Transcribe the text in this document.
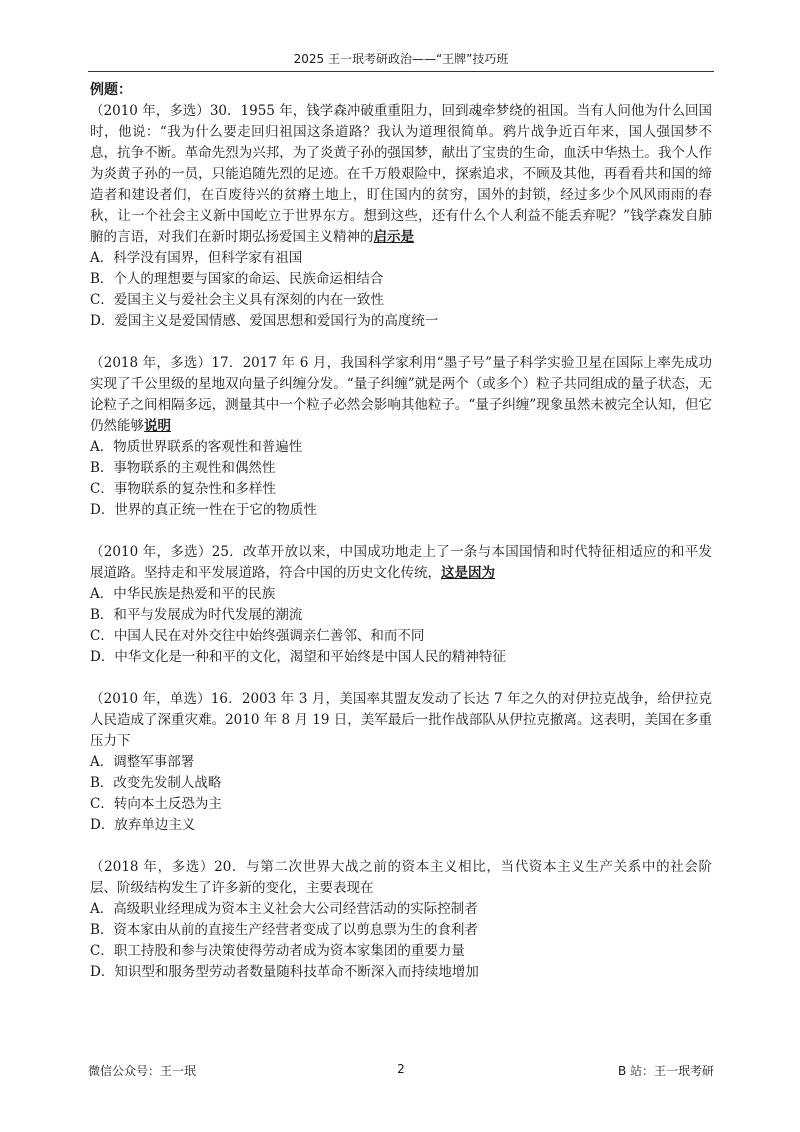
2025 王一珉考研政治——“王牌”技巧班
例题：
（2010 年，多选）30．1955 年，钱学森冲破重重阻力，回到魂牵梦绕的祖国。当有人问他为什么回国时，他说：“我为什么要走回归祖国这条道路？我认为道理很简单。鸦片战争近百年来，国人强国梦不息，抗争不断。革命先烈为兴邦，为了炎黄子孙的强国梦，献出了宝贵的生命，血沃中华热土。我个人作为炎黄子孙的一员，只能追随先烈的足迹。在千万般艰险中，探索追求，不顾及其他，再看看共和国的缔造者和建设者们，在百废待兴的贫瘠土地上，盯住国内的贫穷，国外的封锁，经过多少个风风雨雨的春秋，让一个社会主义新中国屹立于世界东方。想到这些，还有什么个人利益不能丢弃呢？”钱学森发自肺腑的言语，对我们在新时期弘扬爱国主义精神的启示是
A．科学没有国界，但科学家有祖国
B．个人的理想要与国家的命运、民族命运相结合
C．爱国主义与爱社会主义具有深刻的内在一致性
D．爱国主义是爱国情感、爱国思想和爱国行为的高度统一
（2018 年，多选）17．2017 年 6 月，我国科学家利用“墨子号”量子科学实验卫星在国际上率先成功实现了千公里级的星地双向量子纠缠分发。“量子纠缠”就是两个（或多个）粒子共同组成的量子状态，无论粒子之间相隔多远，测量其中一个粒子必然会影响其他粒子。“量子纠缠”现象虽然未被完全认知，但它仍然能够说明
A．物质世界联系的客观性和普遍性
B．事物联系的主观性和偶然性
C．事物联系的复杂性和多样性
D．世界的真正统一性在于它的物质性
（2010 年，多选）25．改革开放以来，中国成功地走上了一条与本国国情和时代特征相适应的和平发展道路。坚持走和平发展道路，符合中国的历史文化传统，这是因为
A．中华民族是热爱和平的民族
B．和平与发展成为时代发展的潮流
C．中国人民在对外交往中始终强调亲仁善邻、和而不同
D．中华文化是一种和平的文化，渴望和平始终是中国人民的精神特征
（2010 年，单选）16．2003 年 3 月，美国率其盟友发动了长达 7 年之久的对伊拉克战争，给伊拉克人民造成了深重灾难。2010 年 8 月 19 日，美军最后一批作战部队从伊拉克撤离。这表明，美国在多重压力下
A．调整军事部署
B．改变先发制人战略
C．转向本土反恐为主
D．放弃单边主义
（2018 年，多选）20．与第二次世界大战之前的资本主义相比，当代资本主义生产关系中的社会阶层、阶级结构发生了许多新的变化，主要表现在
A．高级职业经理成为资本主义社会大公司经营活动的实际控制者
B．资本家由从前的直接生产经营者变成了以剪息票为生的食利者
C．职工持股和参与决策使得劳动者成为资本家集团的重要力量
D．知识型和服务型劳动者数量随科技革命不断深入而持续地增加
微信公众号：王一珉	2	B 站：王一珉考研
